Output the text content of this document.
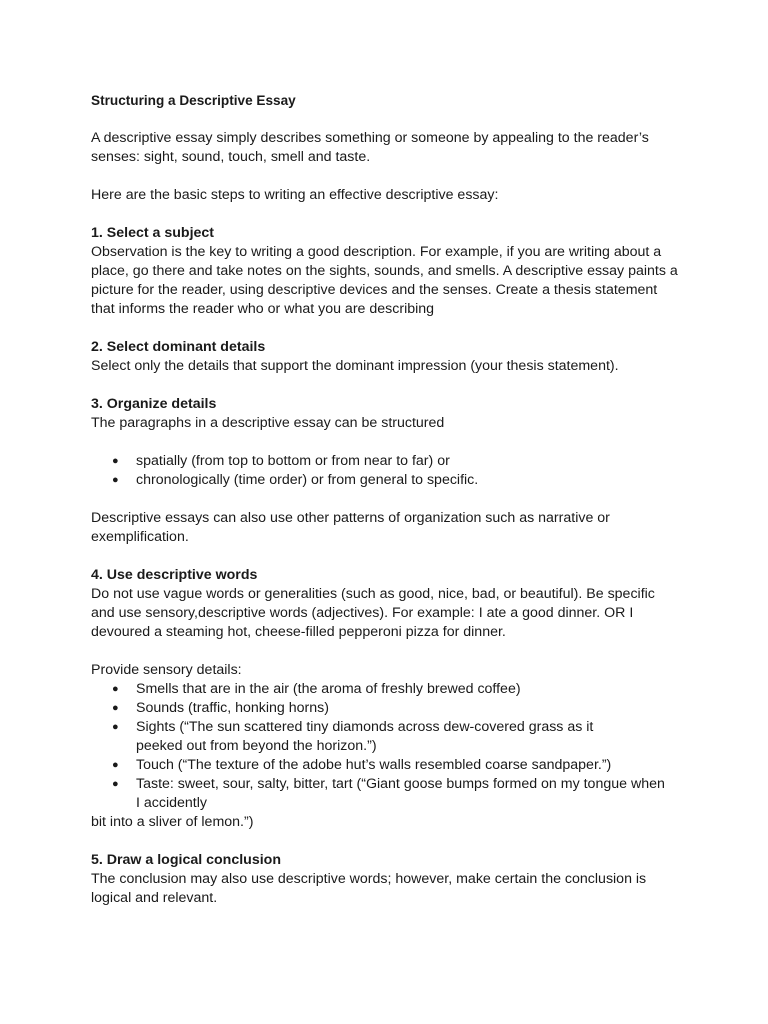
Structuring a Descriptive Essay

A descriptive essay simply describes something or someone by appealing to the reader’s senses: sight, sound, touch, smell and taste.

Here are the basic steps to writing an effective descriptive essay:

1. Select a subject

Observation is the key to writing a good description. For example, if you are writing about a place, go there and take notes on the sights, sounds, and smells. A descriptive essay paints a picture for the reader, using descriptive devices and the senses. Create a thesis statement that informs the reader who or what you are describing

2. Select dominant details

Select only the details that support the dominant impression (your thesis statement).

3. Organize details

The paragraphs in a descriptive essay can be structured

● spatially (from top to bottom or from near to far) or
● chronologically (time order) or from general to specific.

Descriptive essays can also use other patterns of organization such as narrative or exemplification.

4. Use descriptive words

Do not use vague words or generalities (such as good, nice, bad, or beautiful). Be specific and use sensory,descriptive words (adjectives). For example: I ate a good dinner. OR I devoured a steaming hot, cheese-filled pepperoni pizza for dinner.

Provide sensory details:

● Smells that are in the air (the aroma of freshly brewed coffee)
● Sounds (traffic, honking horns)
● Sights (“The sun scattered tiny diamonds across dew-covered grass as it peeked out from beyond the horizon.”)
● Touch (“The texture of the adobe hut’s walls resembled coarse sandpaper.”)
● Taste: sweet, sour, salty, bitter, tart (“Giant goose bumps formed on my tongue when I accidently

bit into a sliver of lemon.”)

5. Draw a logical conclusion

The conclusion may also use descriptive words; however, make certain the conclusion is logical and relevant.
